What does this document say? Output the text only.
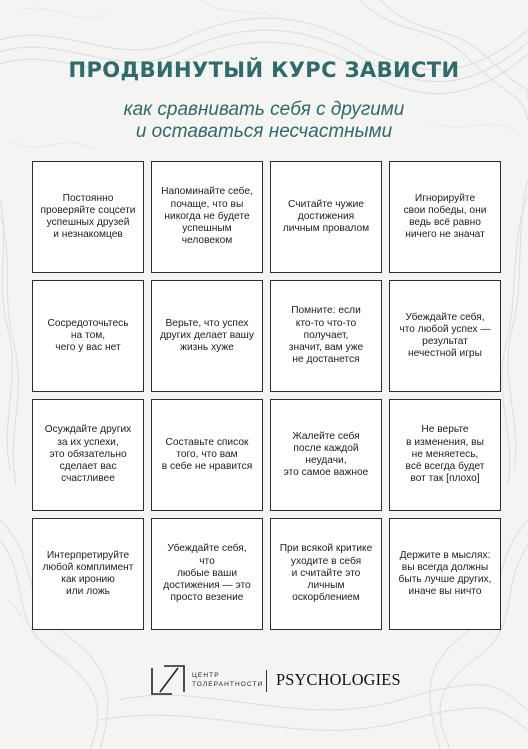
ПРОДВИНУТЫЙ КУРС ЗАВИСТИ
как сравнивать себя с другими
и оставаться несчастными
Постоянно
проверяйте соцсети
успешных друзей
и незнакомцев
Напоминайте себе,
почаще, что вы
никогда не будете
успешным
человеком
Считайте чужие
достижения
личным провалом
Игнорируйте
свои победы, они
ведь всё равно
ничего не значат
Сосредоточьтесь
на том,
чего у вас нет
Верьте, что успех
других делает вашу
жизнь хуже
Помните: если
кто-то что-то
получает,
значит, вам уже
не достанется
Убеждайте себя,
что любой успех —
результат
нечестной игры
Осуждайте других
за их успехи,
это обязательно
сделает вас
счастливее
Составьте список
того, что вам
в себе не нравится
Жалейте себя
после каждой
неудачи,
это самое важное
Не верьте
в изменения, вы
не меняетесь,
всё всегда будет
вот так [плохо]
Интерпретируйте
любой комплимент
как иронию
или ложь
Убеждайте себя, что
любые ваши
достижения — это
просто везение
При всякой критике
уходите в себя
и считайте это
личным
оскорблением
Держите в мыслях:
вы всегда должны
быть лучше других,
иначе вы ничто
ЦЕНТР
ТОЛЕРАНТНОСТИ PSYCHOLOGIES
